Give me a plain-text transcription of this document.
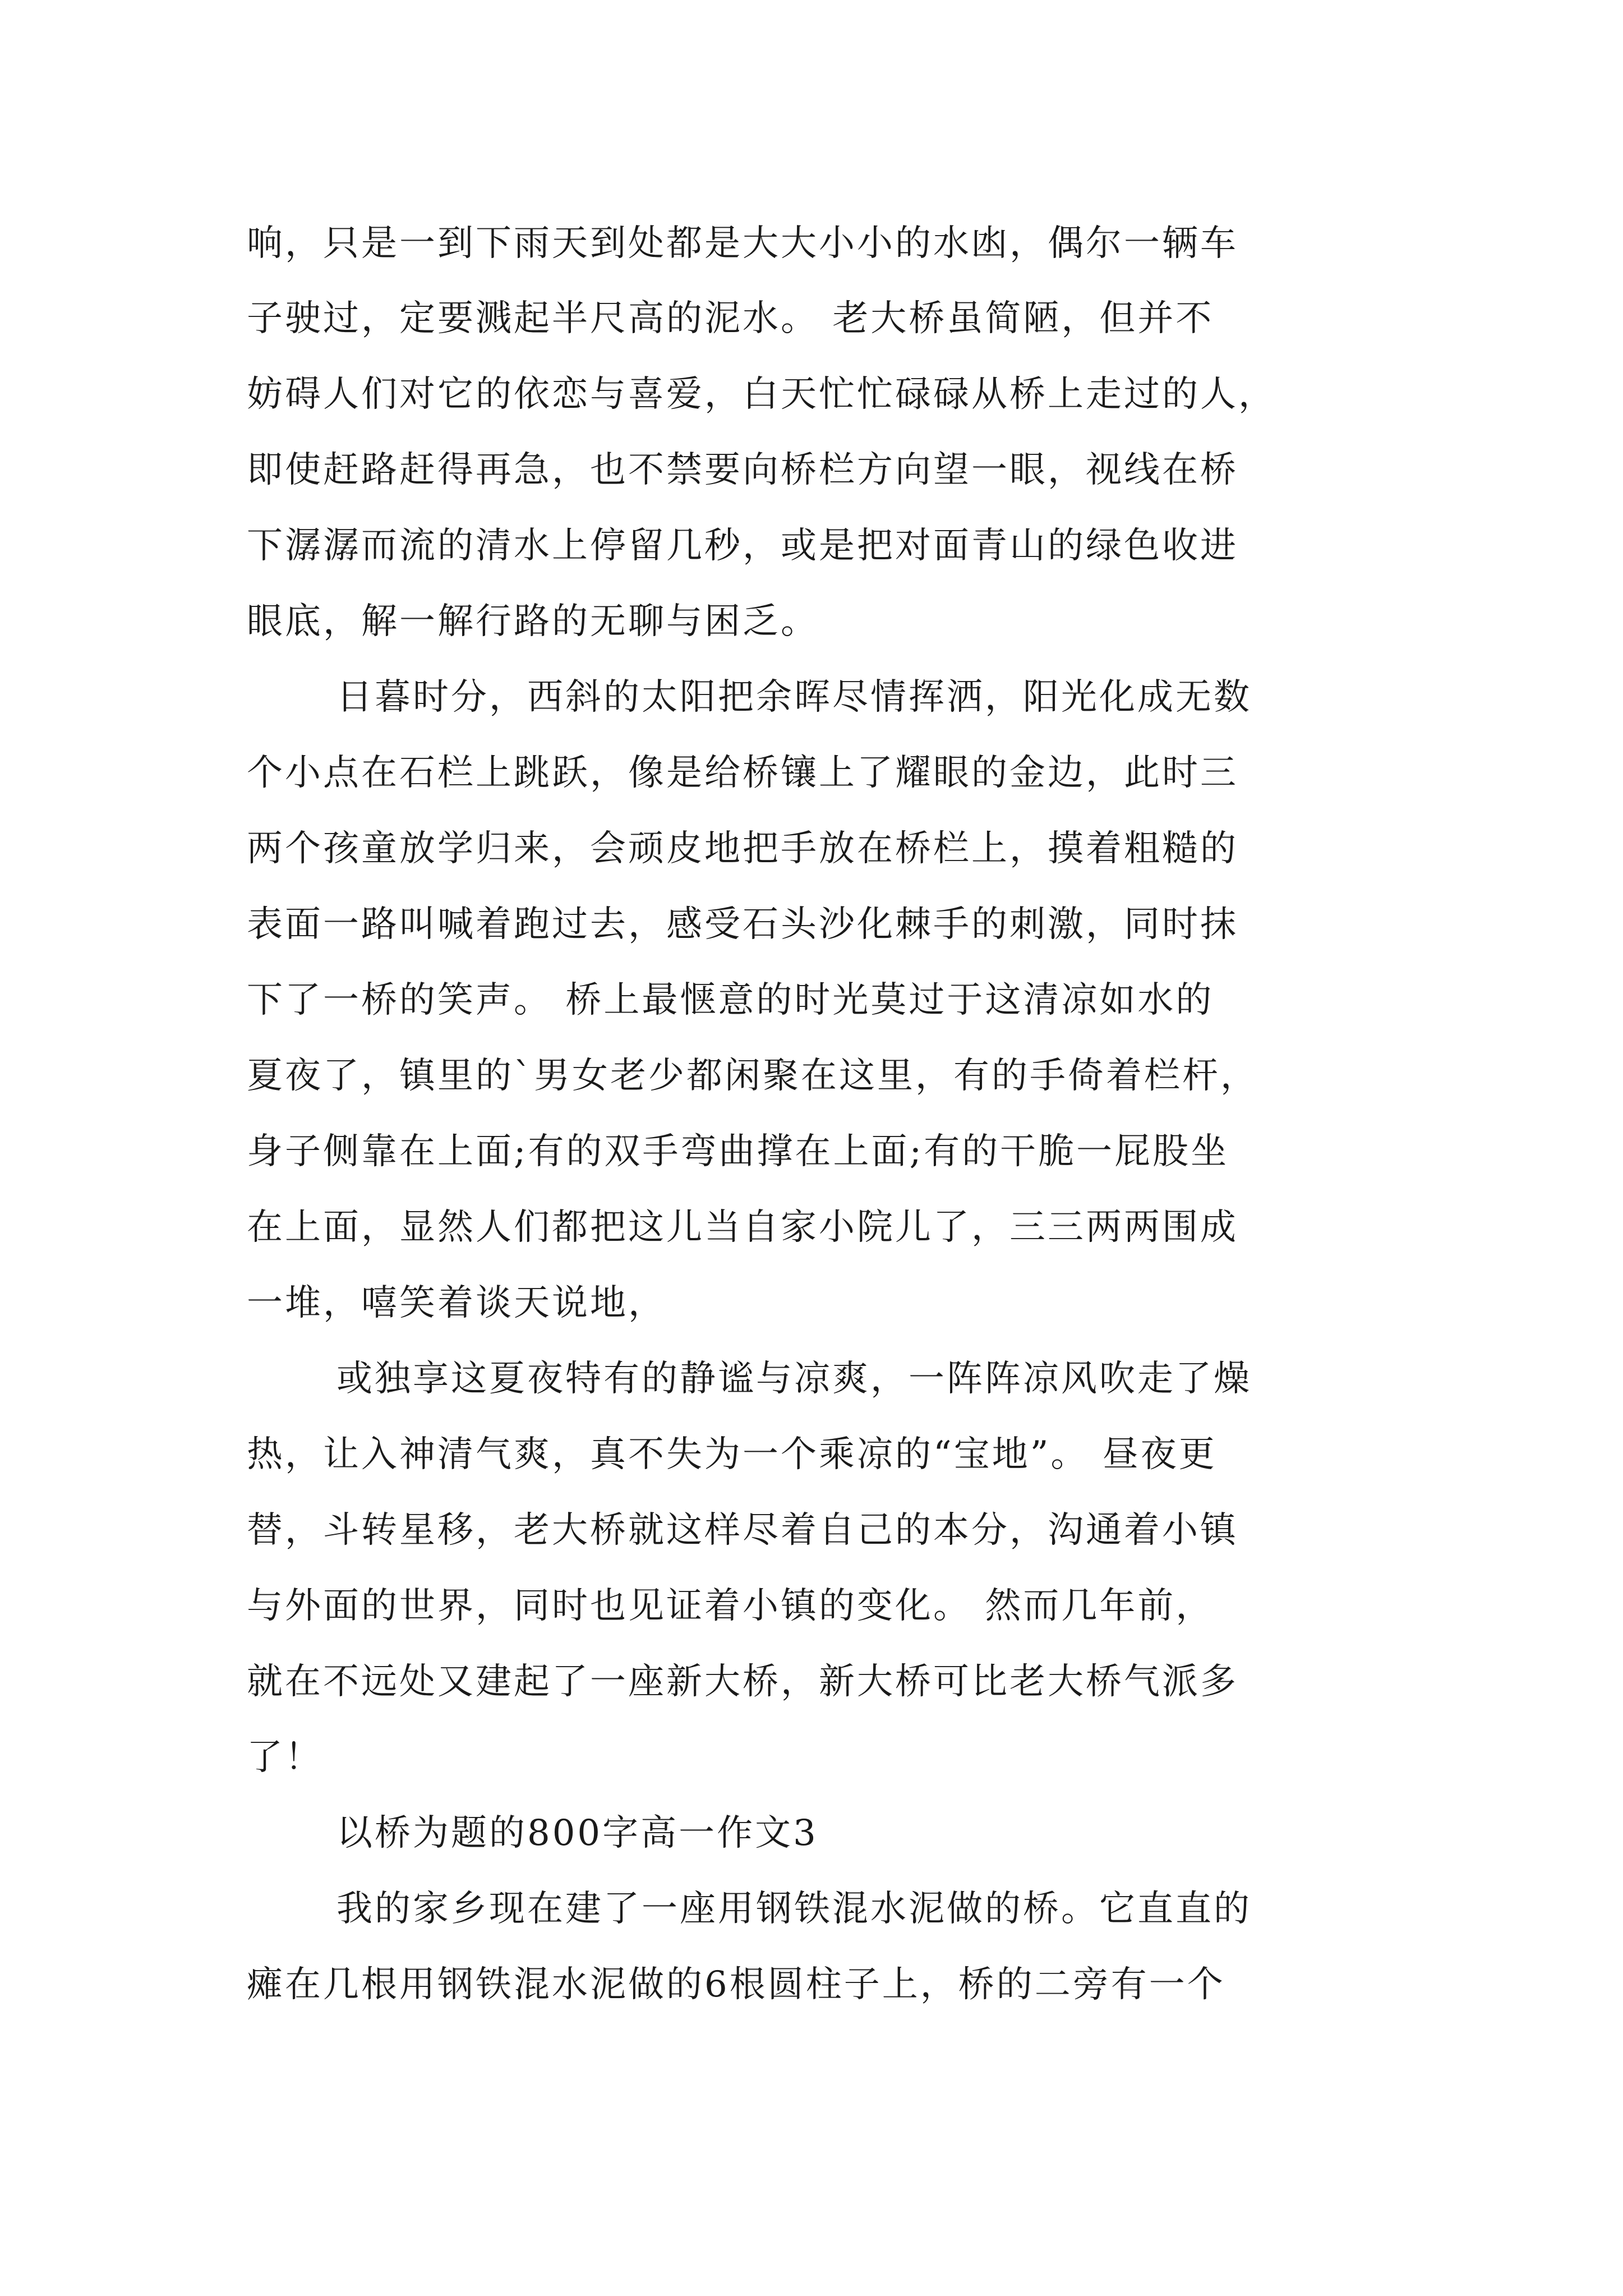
响，只是一到下雨天到处都是大大小小的水凼，偶尔一辆车

子驶过，定要溅起半尺高的泥水。 老大桥虽简陋，但并不

妨碍人们对它的依恋与喜爱，白天忙忙碌碌从桥上走过的人，

即使赶路赶得再急，也不禁要向桥栏方向望一眼，视线在桥

下潺潺而流的清水上停留几秒，或是把对面青山的绿色收进

眼底，解一解行路的无聊与困乏。

日暮时分，西斜的太阳把余晖尽情挥洒，阳光化成无数

个小点在石栏上跳跃，像是给桥镶上了耀眼的金边，此时三

两个孩童放学归来，会顽皮地把手放在桥栏上，摸着粗糙的

表面一路叫喊着跑过去，感受石头沙化棘手的刺激，同时抹

下了一桥的笑声。 桥上最惬意的时光莫过于这清凉如水的

夏夜了，镇里的`男女老少都闲聚在这里，有的手倚着栏杆，

身子侧靠在上面;有的双手弯曲撑在上面;有的干脆一屁股坐

在上面，显然人们都把这儿当自家小院儿了，三三两两围成

一堆，嘻笑着谈天说地，

或独享这夏夜特有的静谧与凉爽，一阵阵凉风吹走了燥

热，让入神清气爽，真不失为一个乘凉的“宝地”。 昼夜更

替，斗转星移，老大桥就这样尽着自己的本分，沟通着小镇

与外面的世界，同时也见证着小镇的变化。 然而几年前，

就在不远处又建起了一座新大桥，新大桥可比老大桥气派多

了！

以桥为题的800字高一作文3

我的家乡现在建了一座用钢铁混水泥做的桥。它直直的

瘫在几根用钢铁混水泥做的6根圆柱子上，桥的二旁有一个
